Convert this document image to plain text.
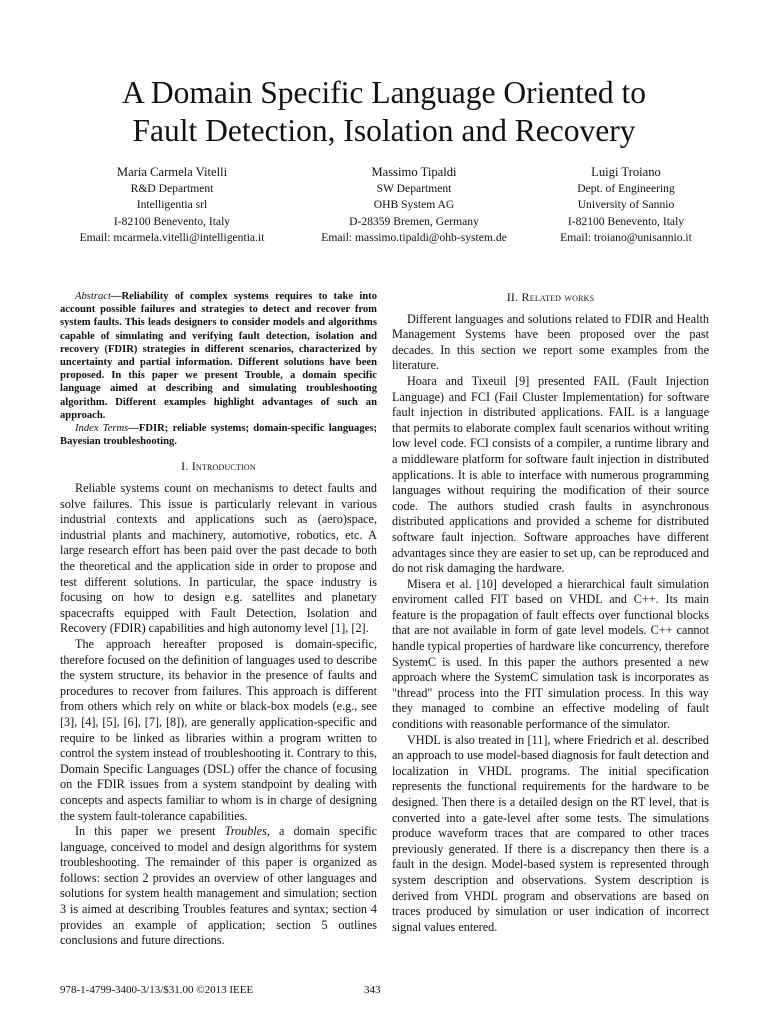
A Domain Specific Language Oriented to
Fault Detection, Isolation and Recovery
Maria Carmela Vitelli
R&D Department
Intelligentia srl
I-82100 Benevento, Italy
Email: mcarmela.vitelli@intelligentia.it
Massimo Tipaldi
SW Department
OHB System AG
D-28359 Bremen, Germany
Email: massimo.tipaldi@ohb-system.de
Luigi Troiano
Dept. of Engineering
University of Sannio
I-82100 Benevento, Italy
Email: troiano@unisannio.it
Abstract—Reliability of complex systems requires to take into account possible failures and strategies to detect and recover from system faults. This leads designers to consider models and algorithms capable of simulating and verifying fault detection, isolation and recovery (FDIR) strategies in different scenarios, characterized by uncertainty and partial information. Different solutions have been proposed. In this paper we present Trouble, a domain specific language aimed at describing and simulating troubleshooting algorithm. Different examples highlight advantages of such an approach.
Index Terms—FDIR; reliable systems; domain-specific languages; Bayesian troubleshooting.
I. Introduction

Reliable systems count on mechanisms to detect faults and solve failures. This issue is particularly relevant in various industrial contexts and applications such as (aero)space, industrial plants and machinery, automotive, robotics, etc. A large research effort has been paid over the past decade to both the theoretical and the application side in order to propose and test different solutions. In particular, the space industry is focusing on how to design e.g. satellites and planetary spacecrafts equipped with Fault Detection, Isolation and Recovery (FDIR) capabilities and high autonomy level [1], [2].

The approach hereafter proposed is domain-specific, therefore focused on the definition of languages used to describe the system structure, its behavior in the presence of faults and procedures to recover from failures. This approach is different from others which rely on white or black-box models (e.g., see [3], [4], [5], [6], [7], [8]), are generally application-specific and require to be linked as libraries within a program written to control the system instead of troubleshooting it. Contrary to this, Domain Specific Languages (DSL) offer the chance of focusing on the FDIR issues from a system standpoint by dealing with concepts and aspects familiar to whom is in charge of designing the system fault-tolerance capabilities.

In this paper we present Troubles, a domain specific language, conceived to model and design algorithms for system troubleshooting. The remainder of this paper is organized as follows: section 2 provides an overview of other languages and solutions for system health management and simulation; section 3 is aimed at describing Troubles features and syntax; section 4 provides an example of application; section 5 outlines conclusions and future directions.

II. Related works

Different languages and solutions related to FDIR and Health Management Systems have been proposed over the past decades. In this section we report some examples from the literature.

Hoara and Tixeuil [9] presented FAIL (Fault Injection Language) and FCI (Fail Cluster Implementation) for software fault injection in distributed applications. FAIL is a language that permits to elaborate complex fault scenarios without writing low level code. FCI consists of a compiler, a runtime library and a middleware platform for software fault injection in distributed applications. It is able to interface with numerous programming languages without requiring the modification of their source code. The authors studied crash faults in asynchronous distributed applications and provided a scheme for distributed software fault injection. Software approaches have different advantages since they are easier to set up, can be reproduced and do not risk damaging the hardware.

Misera et al. [10] developed a hierarchical fault simulation enviroment called FIT based on VHDL and C++. Its main feature is the propagation of fault effects over functional blocks that are not available in form of gate level models. C++ cannot handle typical properties of hardware like concurrency, therefore SystemC is used. In this paper the authors presented a new approach where the SystemC simulation task is incorporates as "thread" process into the FIT simulation process. In this way they managed to combine an effective modeling of fault conditions with reasonable performance of the simulator.

VHDL is also treated in [11], where Friedrich et al. described an approach to use model-based diagnosis for fault detection and localization in VHDL programs. The initial specification represents the functional requirements for the hardware to be designed. Then there is a detailed design on the RT level, that is converted into a gate-level after some tests. The simulations produce waveform traces that are compared to other traces previously generated. If there is a discrepancy then there is a fault in the design. Model-based system is represented through system description and observations. System description is derived from VHDL program and observations are based on traces produced by simulation or user indication of incorrect signal values entered.

978-1-4799-3400-3/13/$31.00 ©2013 IEEE	343
